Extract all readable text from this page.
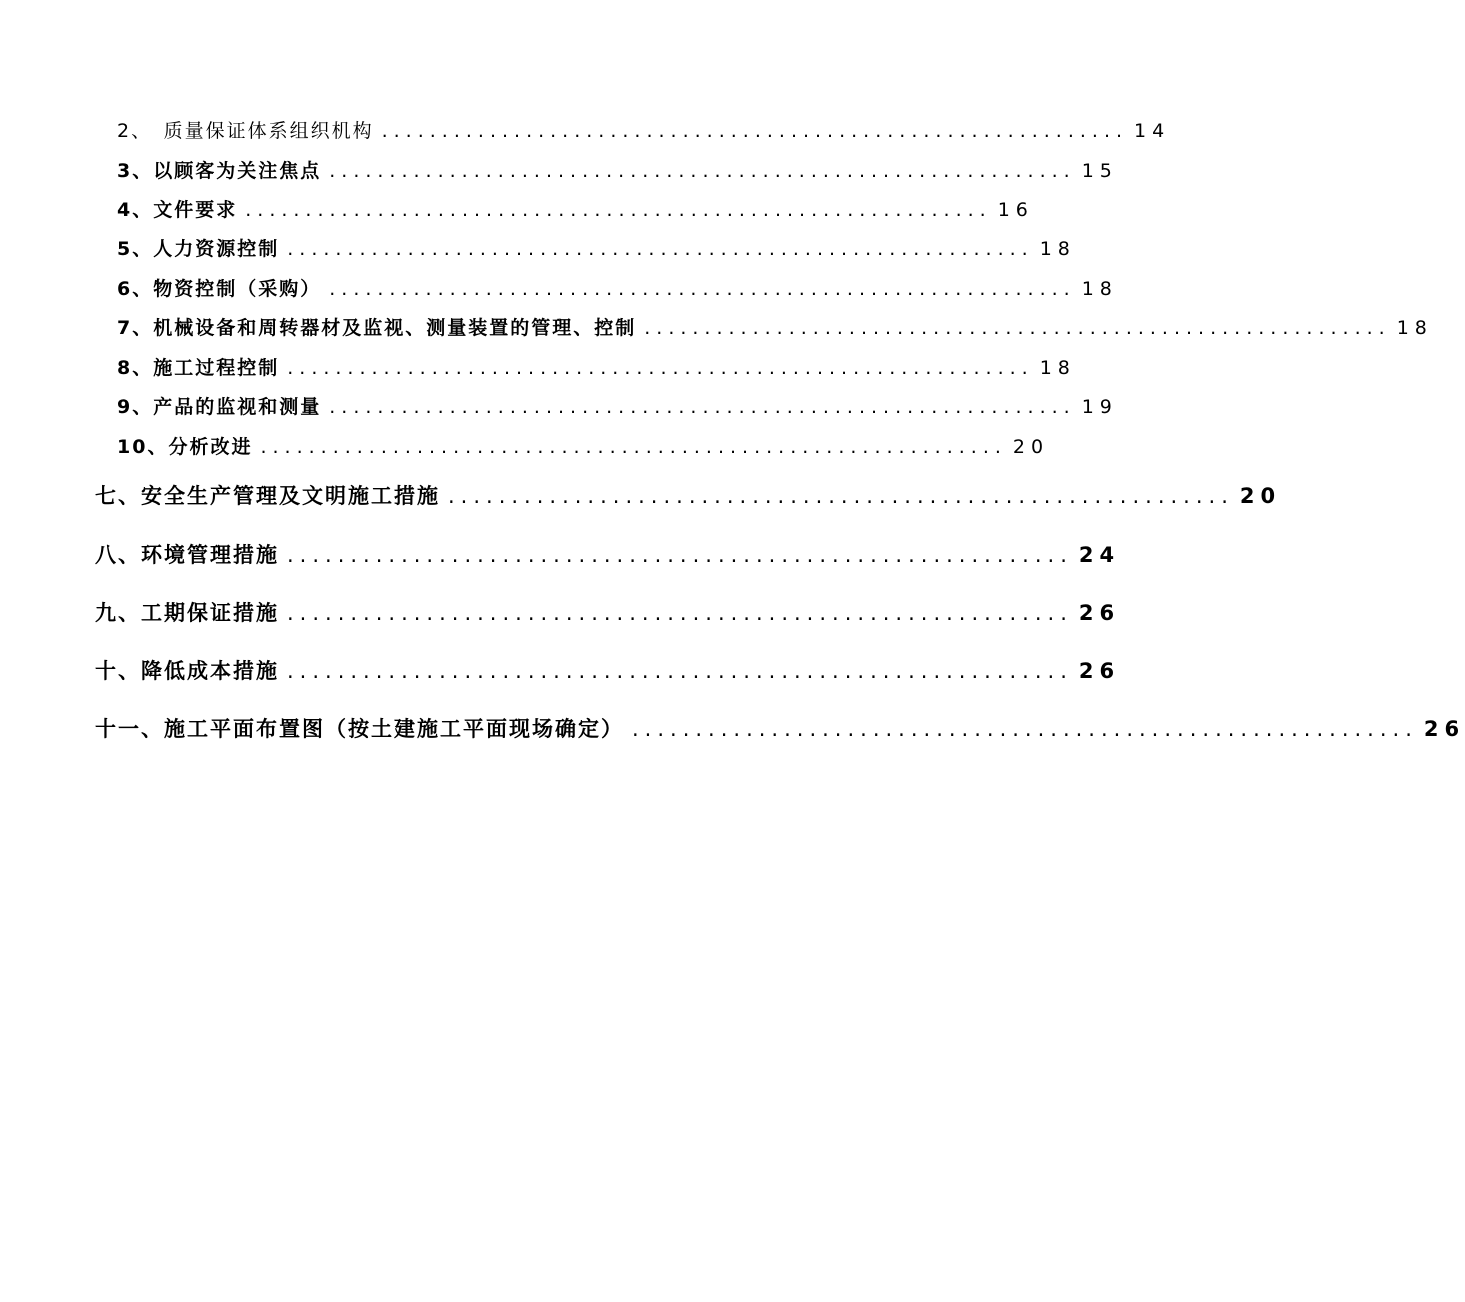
2、　质量保证体系组织机构 .............................................................. 14
3、以顾客为关注焦点 .............................................................. 15
4、文件要求 .............................................................. 16
5、人力资源控制 .............................................................. 18
6、物资控制（采购） .............................................................. 18
7、机械设备和周转器材及监视、测量装置的管理、控制 .............................................................. 18
8、施工过程控制 .............................................................. 18
9、产品的监视和测量 .............................................................. 19
10、分析改进 .............................................................. 20
七、安全生产管理及文明施工措施 .............................................................. 20
八、环境管理措施 .............................................................. 24
九、工期保证措施 .............................................................. 26
十、降低成本措施 .............................................................. 26
十一、施工平面布置图（按土建施工平面现场确定） .............................................................. 26
